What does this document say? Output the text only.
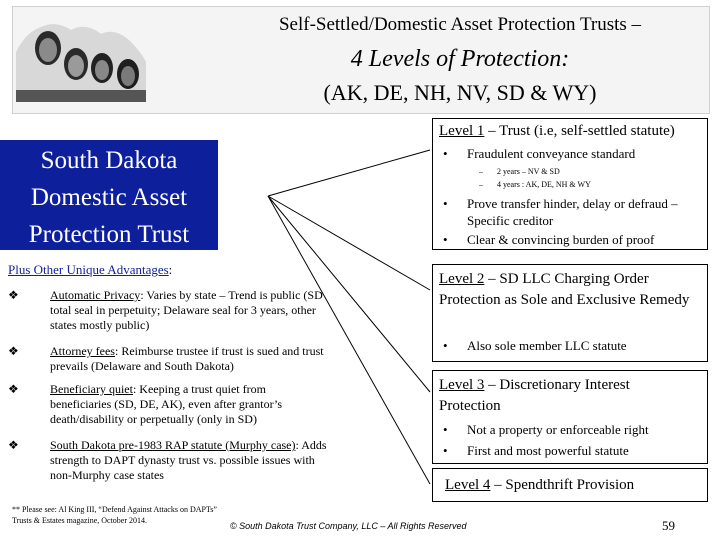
Self-Settled/Domestic Asset Protection Trusts –
4 Levels of Protection:
(AK, DE, NH, NV, SD & WY)
South Dakota
Domestic Asset
Protection Trust
Level 1 – Trust (i.e, self-settled statute)
• Fraudulent conveyance standard
– 2 years – NV & SD
– 4 years : AK, DE, NH & WY
• Prove transfer hinder, delay or defraud – Specific creditor
• Clear & convincing burden of proof
Level 2 – SD LLC Charging Order Protection as Sole and Exclusive Remedy
• Also sole member LLC statute
Level 3 – Discretionary Interest Protection
• Not a property or enforceable right
• First and most powerful statute
Level 4 – Spendthrift Provision
Plus Other Unique Advantages:
❖	Automatic Privacy: Varies by state – Trend is public (SD total seal in perpetuity; Delaware seal for 3 years, other states mostly public)
❖	Attorney fees: Reimburse trustee if trust is sued and trust prevails (Delaware and South Dakota)
❖	Beneficiary quiet: Keeping a trust quiet from beneficiaries (SD, DE, AK), even after grantor’s death/disability or perpetually (only in SD)
❖	South Dakota pre-1983 RAP statute (Murphy case): Adds strength to DAPT dynasty trust vs. possible issues with non-Murphy case states
** Please see: Al King III, “Defend Against Attacks on DAPTs” Trusts & Estates magazine, October 2014.
© South Dakota Trust Company, LLC – All Rights Reserved	59
